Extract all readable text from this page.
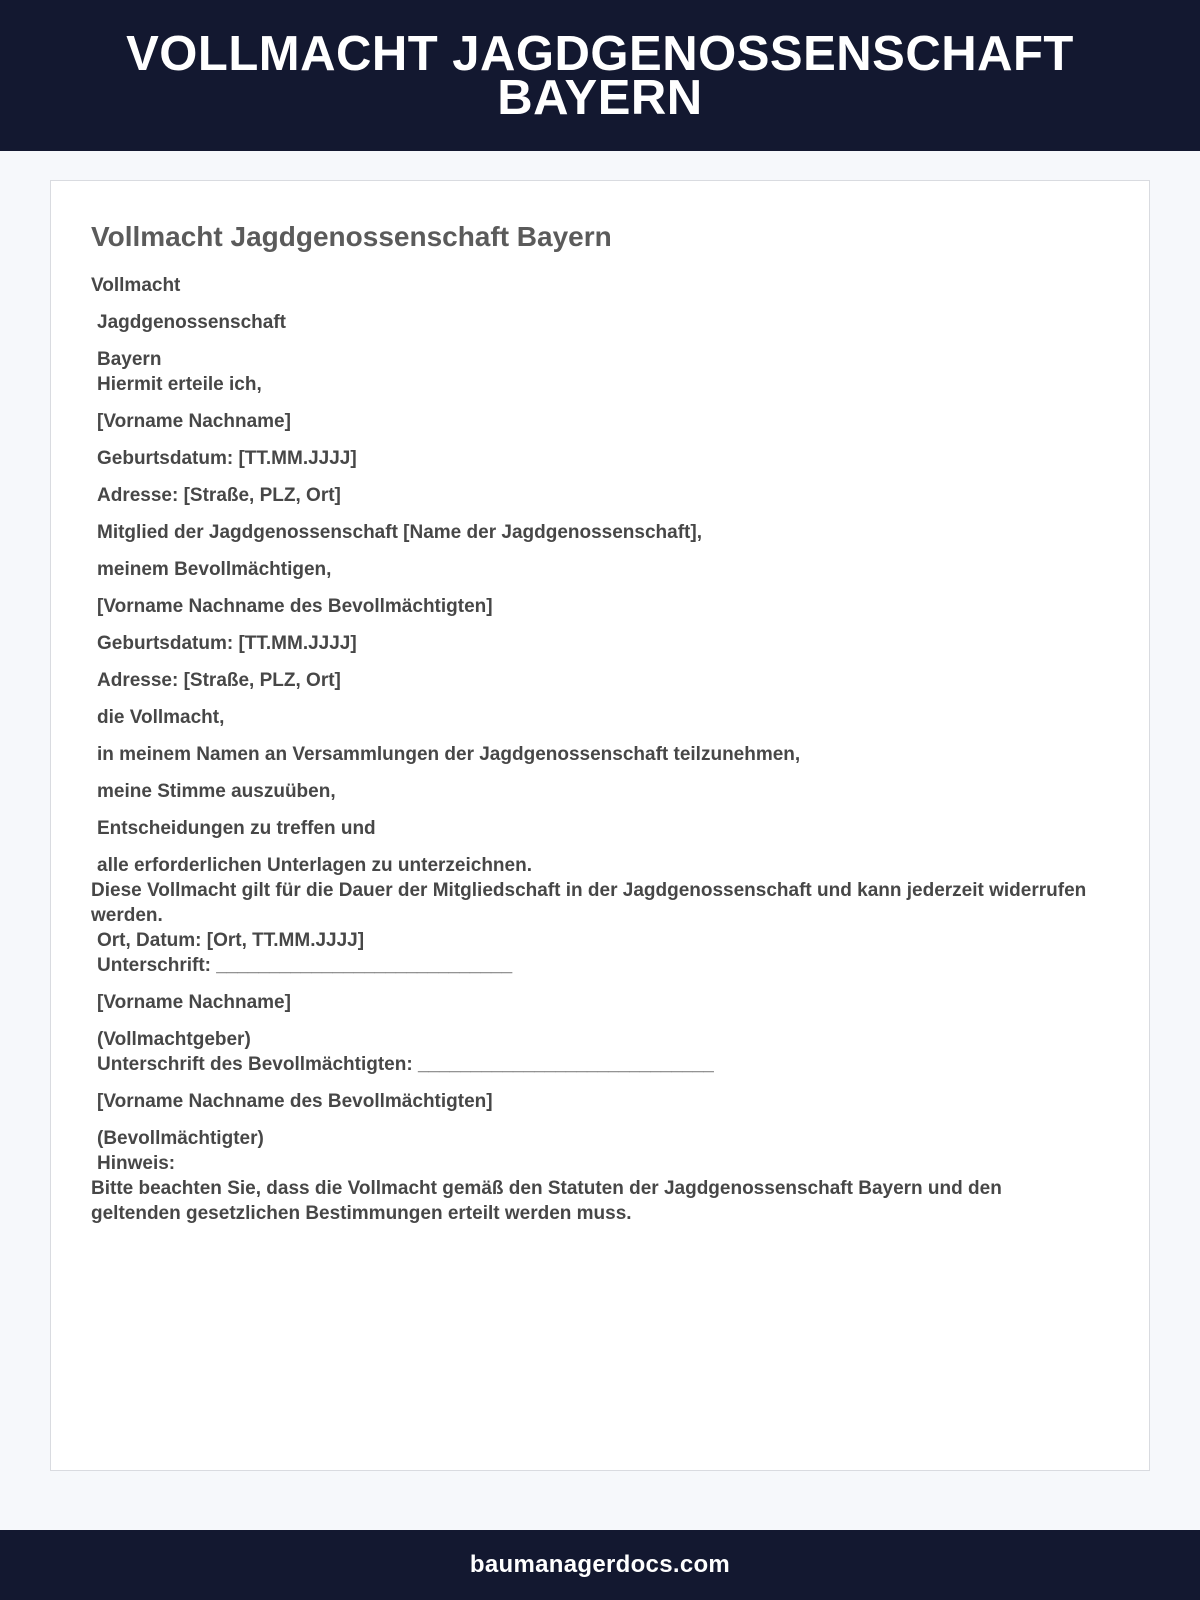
VOLLMACHT JAGDGENOSSENSCHAFT BAYERN
Vollmacht Jagdgenossenschaft Bayern
Vollmacht
Jagdgenossenschaft
Bayern
Hiermit erteile ich,
[Vorname Nachname]
Geburtsdatum: [TT.MM.JJJJ]
Adresse: [Straße, PLZ, Ort]
Mitglied der Jagdgenossenschaft [Name der Jagdgenossenschaft],
meinem Bevollmächtigen,
[Vorname Nachname des Bevollmächtigten]
Geburtsdatum: [TT.MM.JJJJ]
Adresse: [Straße, PLZ, Ort]
die Vollmacht,
in meinem Namen an Versammlungen der Jagdgenossenschaft teilzunehmen,
meine Stimme auszuüben,
Entscheidungen zu treffen und
alle erforderlichen Unterlagen zu unterzeichnen.
Diese Vollmacht gilt für die Dauer der Mitgliedschaft in der Jagdgenossenschaft und kann jederzeit widerrufen werden.
Ort, Datum: [Ort, TT.MM.JJJJ]
Unterschrift: ____________________________
[Vorname Nachname]
(Vollmachtgeber)
Unterschrift des Bevollmächtigten: ____________________________
[Vorname Nachname des Bevollmächtigten]
(Bevollmächtigter)
Hinweis:
Bitte beachten Sie, dass die Vollmacht gemäß den Statuten der Jagdgenossenschaft Bayern und den geltenden gesetzlichen Bestimmungen erteilt werden muss.
baumanagerdocs.com
